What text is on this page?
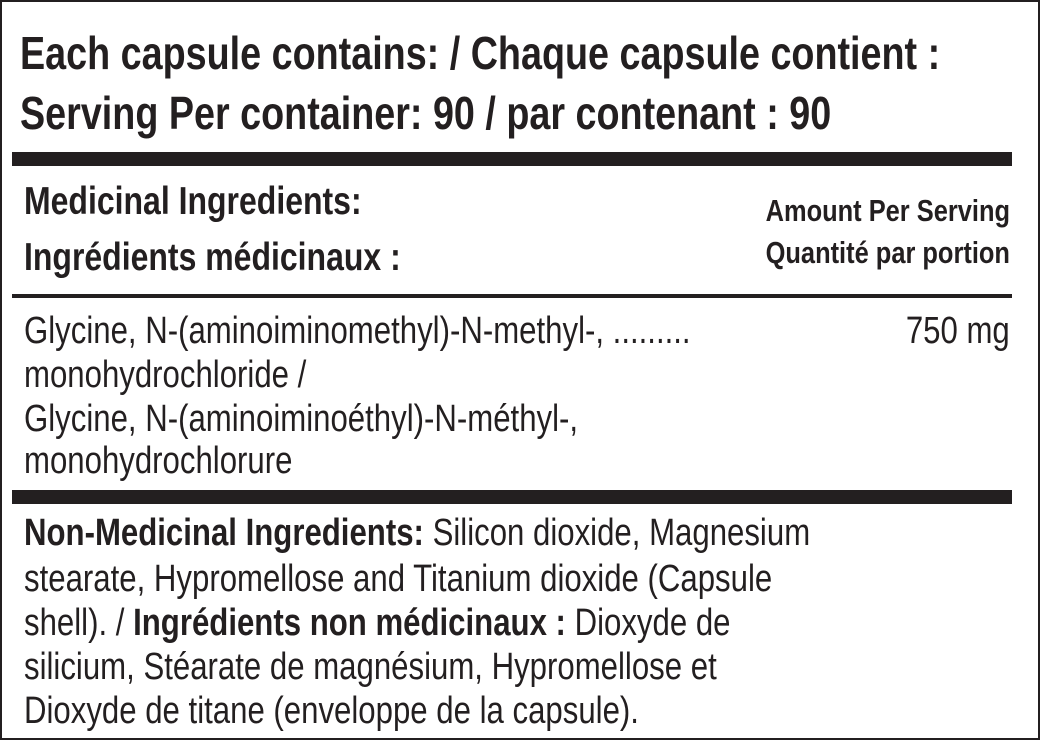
Each capsule contains: / Chaque capsule contient :
Serving Per container: 90 / par contenant : 90
Medicinal Ingredients:
Ingrédients médicinaux :
Amount Per Serving
Quantité par portion
Glycine, N-(aminoiminomethyl)-N-methyl-, .........	750 mg
monohydrochloride /
Glycine, N-(aminoiminoéthyl)-N-méthyl-,
monohydrochlorure
Non-Medicinal Ingredients: Silicon dioxide, Magnesium
stearate, Hypromellose and Titanium dioxide (Capsule
shell). / Ingrédients non médicinaux : Dioxyde de
silicium, Stéarate de magnésium, Hypromellose et
Dioxyde de titane (enveloppe de la capsule).
